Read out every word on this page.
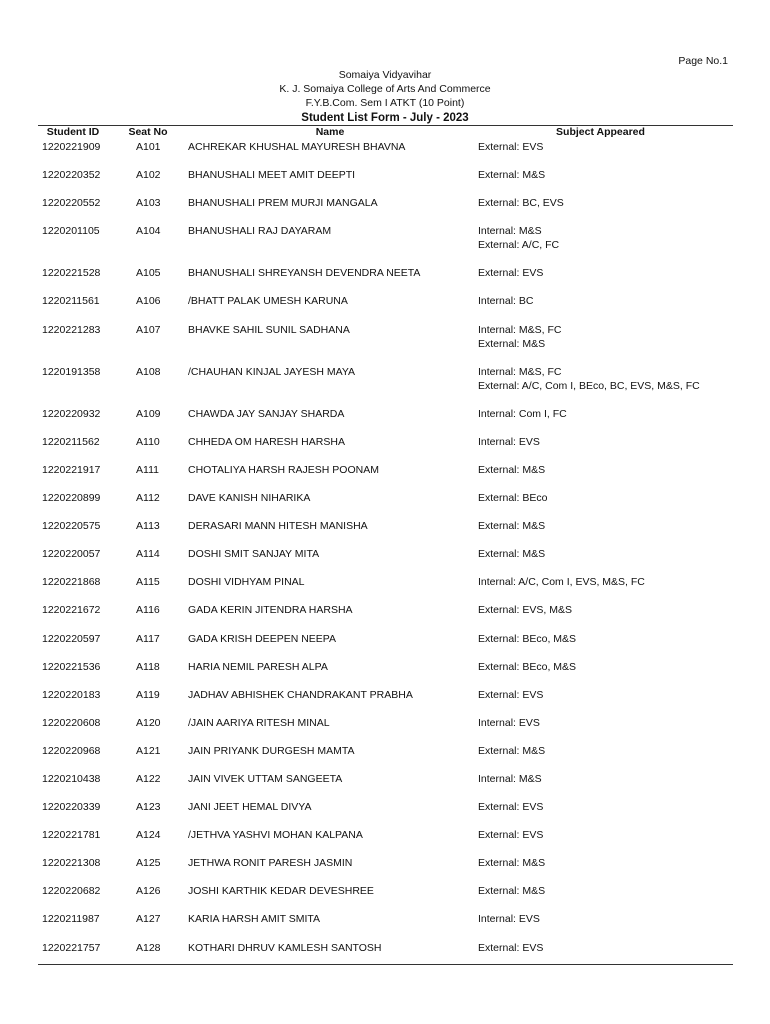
Page No.1
Somaiya Vidyavihar
K. J. Somaiya College of Arts And Commerce
F.Y.B.Com. Sem I ATKT (10 Point)
Student List Form - July - 2023
Student ID	Seat No	Name	Subject Appeared
1220221909	A101	ACHREKAR KHUSHAL MAYURESH BHAVNA	External: EVS
1220220352	A102	BHANUSHALI MEET AMIT DEEPTI	External: M&S
1220220552	A103	BHANUSHALI PREM MURJI MANGALA	External: BC, EVS
1220201105	A104	BHANUSHALI RAJ DAYARAM	Internal: M&S
External: A/C, FC
1220221528	A105	BHANUSHALI SHREYANSH DEVENDRA NEETA	External: EVS
1220211561	A106	/BHATT PALAK UMESH KARUNA	Internal: BC
1220221283	A107	BHAVKE SAHIL SUNIL SADHANA	Internal: M&S, FC
External: M&S
1220191358	A108	/CHAUHAN KINJAL JAYESH MAYA	Internal: M&S, FC
External: A/C, Com I, BEco, BC, EVS, M&S, FC
1220220932	A109	CHAWDA JAY SANJAY SHARDA	Internal: Com I, FC
1220211562	A110	CHHEDA OM HARESH HARSHA	Internal: EVS
1220221917	A111	CHOTALIYA HARSH RAJESH POONAM	External: M&S
1220220899	A112	DAVE KANISH NIHARIKA	External: BEco
1220220575	A113	DERASARI MANN HITESH MANISHA	External: M&S
1220220057	A114	DOSHI SMIT SANJAY MITA	External: M&S
1220221868	A115	DOSHI VIDHYAM PINAL	Internal: A/C, Com I, EVS, M&S, FC
1220221672	A116	GADA KERIN JITENDRA HARSHA	External: EVS, M&S
1220220597	A117	GADA KRISH DEEPEN NEEPA	External: BEco, M&S
1220221536	A118	HARIA NEMIL PARESH ALPA	External: BEco, M&S
1220220183	A119	JADHAV ABHISHEK CHANDRAKANT PRABHA	External: EVS
1220220608	A120	/JAIN AARIYA RITESH MINAL	Internal: EVS
1220220968	A121	JAIN PRIYANK DURGESH MAMTA	External: M&S
1220210438	A122	JAIN VIVEK UTTAM SANGEETA	Internal: M&S
1220220339	A123	JANI JEET HEMAL DIVYA	External: EVS
1220221781	A124	/JETHVA YASHVI MOHAN KALPANA	External: EVS
1220221308	A125	JETHWA RONIT PARESH JASMIN	External: M&S
1220220682	A126	JOSHI KARTHIK KEDAR DEVESHREE	External: M&S
1220211987	A127	KARIA HARSH AMIT SMITA	Internal: EVS
1220221757	A128	KOTHARI DHRUV KAMLESH SANTOSH	External: EVS
